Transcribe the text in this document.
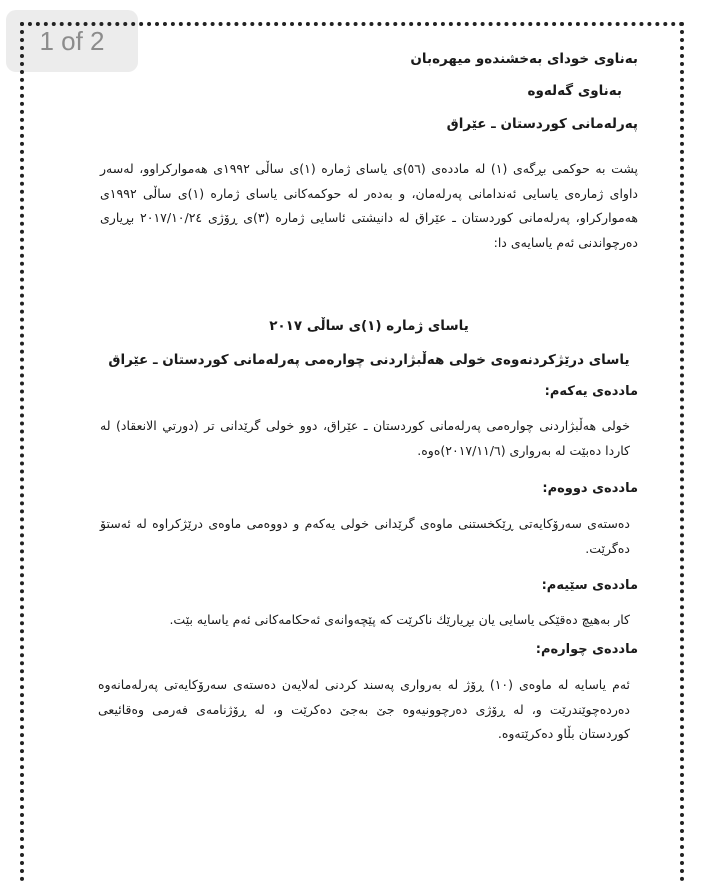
1 of 2
بەناوی خودای بەخشندەو میهرەبان
بەناوی گەلەوە
پەرلەمانی کوردستان ـ عێراق
پشت بە حوکمی بڕگەی (١) لە ماددەی (٥٦)ی یاسای ژمارە (١)ی ساڵی ١٩٩٢ی هەموارکراوو، لەسەر داوای ژمارەی یاسایی ئەندامانی پەرلەمان، و بەدەر لە حوکمەکانی یاسای ژمارە (١)ی ساڵی ١٩٩٢ی هەموارکراو، پەرلەمانی کوردستان ـ عێراق لە دانیشتی ئاسایی ژمارە (٣)ی ڕۆژی ٢٠١٧/١٠/٢٤ بڕیاری دەرچواندنی ئەم یاسایەی دا:
یاسای ژمارە (١)ی ساڵی ٢٠١٧
یاسای درێژکردنەوەی خولی هەڵبژاردنی چوارەمی پەرلەمانی کوردستان ـ عێراق
ماددەی یەکەم:
خولی هەڵبژاردنی چوارەمی پەرلەمانی کوردستان ـ عێراق، دوو خولی گرێدانی تر (دورتي الانعقاد) لە کاردا دەبێت لە بەرواری (٢٠١٧/١١/٦)ەوە.
ماددەی دووەم:
دەستەی سەرۆکایەتی ڕێکخستنی ماوەی گرێدانی خولی یەکەم و دووەمی ماوەی درێژکراوە لە ئەستۆ دەگرێت.
ماددەی سێیەم:
کار بەهیچ دەقێکی یاسایی یان بڕیارێك ناکرێت کە پێچەوانەی ئەحکامەکانی ئەم یاسایە بێت.
ماددەی چوارەم:
ئەم یاسایە لە ماوەی (١٠) ڕۆژ لە بەرواری پەسند کردنی لەلایەن دەستەی سەرۆکایەتی پەرلەمانەوە دەردەچوێندرێت و، لە ڕۆژی دەرچوونیەوە جێ بەجێ دەکرێت و، لە ڕۆژنامەی فەرمی وەقائیعی کوردستان بڵاو دەکرێتەوە.
